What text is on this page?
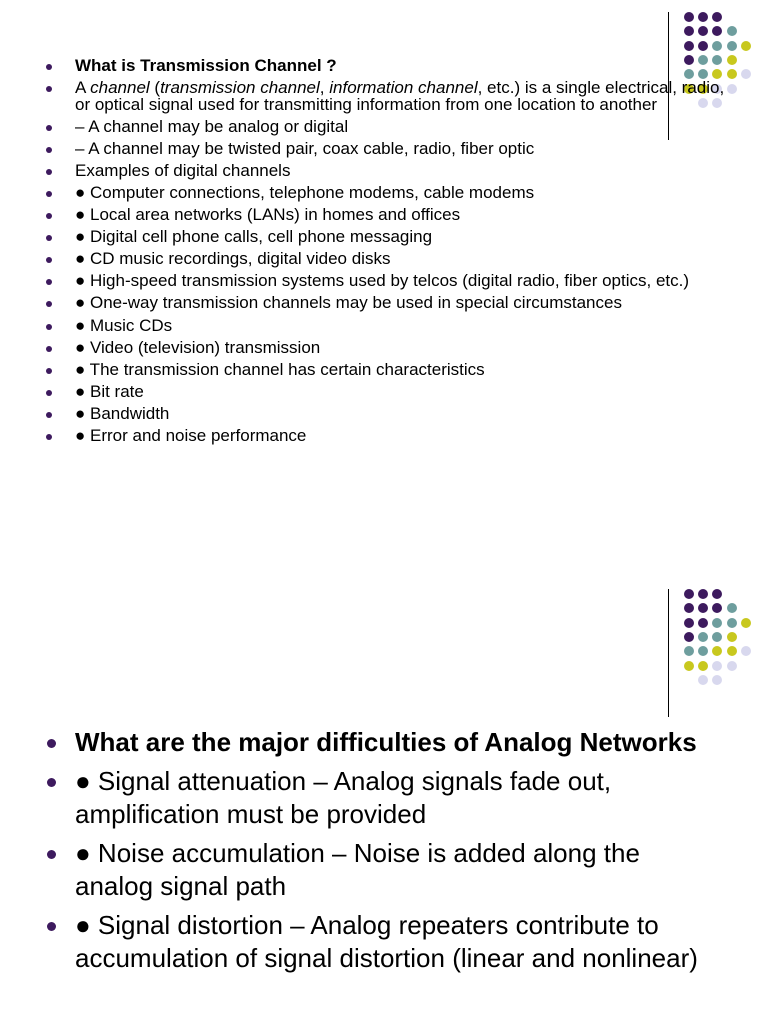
What is Transmission Channel ?
A channel (transmission channel, information channel, etc.) is a single electrical, radio, or optical signal used for transmitting information from one location to another
– A channel may be analog or digital
– A channel may be twisted pair, coax cable, radio, fiber optic
Examples of digital channels
● Computer connections, telephone modems, cable modems
● Local area networks (LANs) in homes and offices
● Digital cell phone calls, cell phone messaging
● CD music recordings, digital video disks
● High-speed transmission systems used by telcos (digital radio, fiber optics, etc.)
● One-way transmission channels may be used in special circumstances
● Music CDs
● Video (television) transmission
● The transmission channel has certain characteristics
● Bit rate
● Bandwidth
● Error and noise performance
What are the major difficulties of Analog Networks
● Signal attenuation – Analog signals fade out, amplification must be provided
● Noise accumulation – Noise is added along the analog signal path
● Signal distortion – Analog repeaters contribute to accumulation of signal distortion (linear and nonlinear)
